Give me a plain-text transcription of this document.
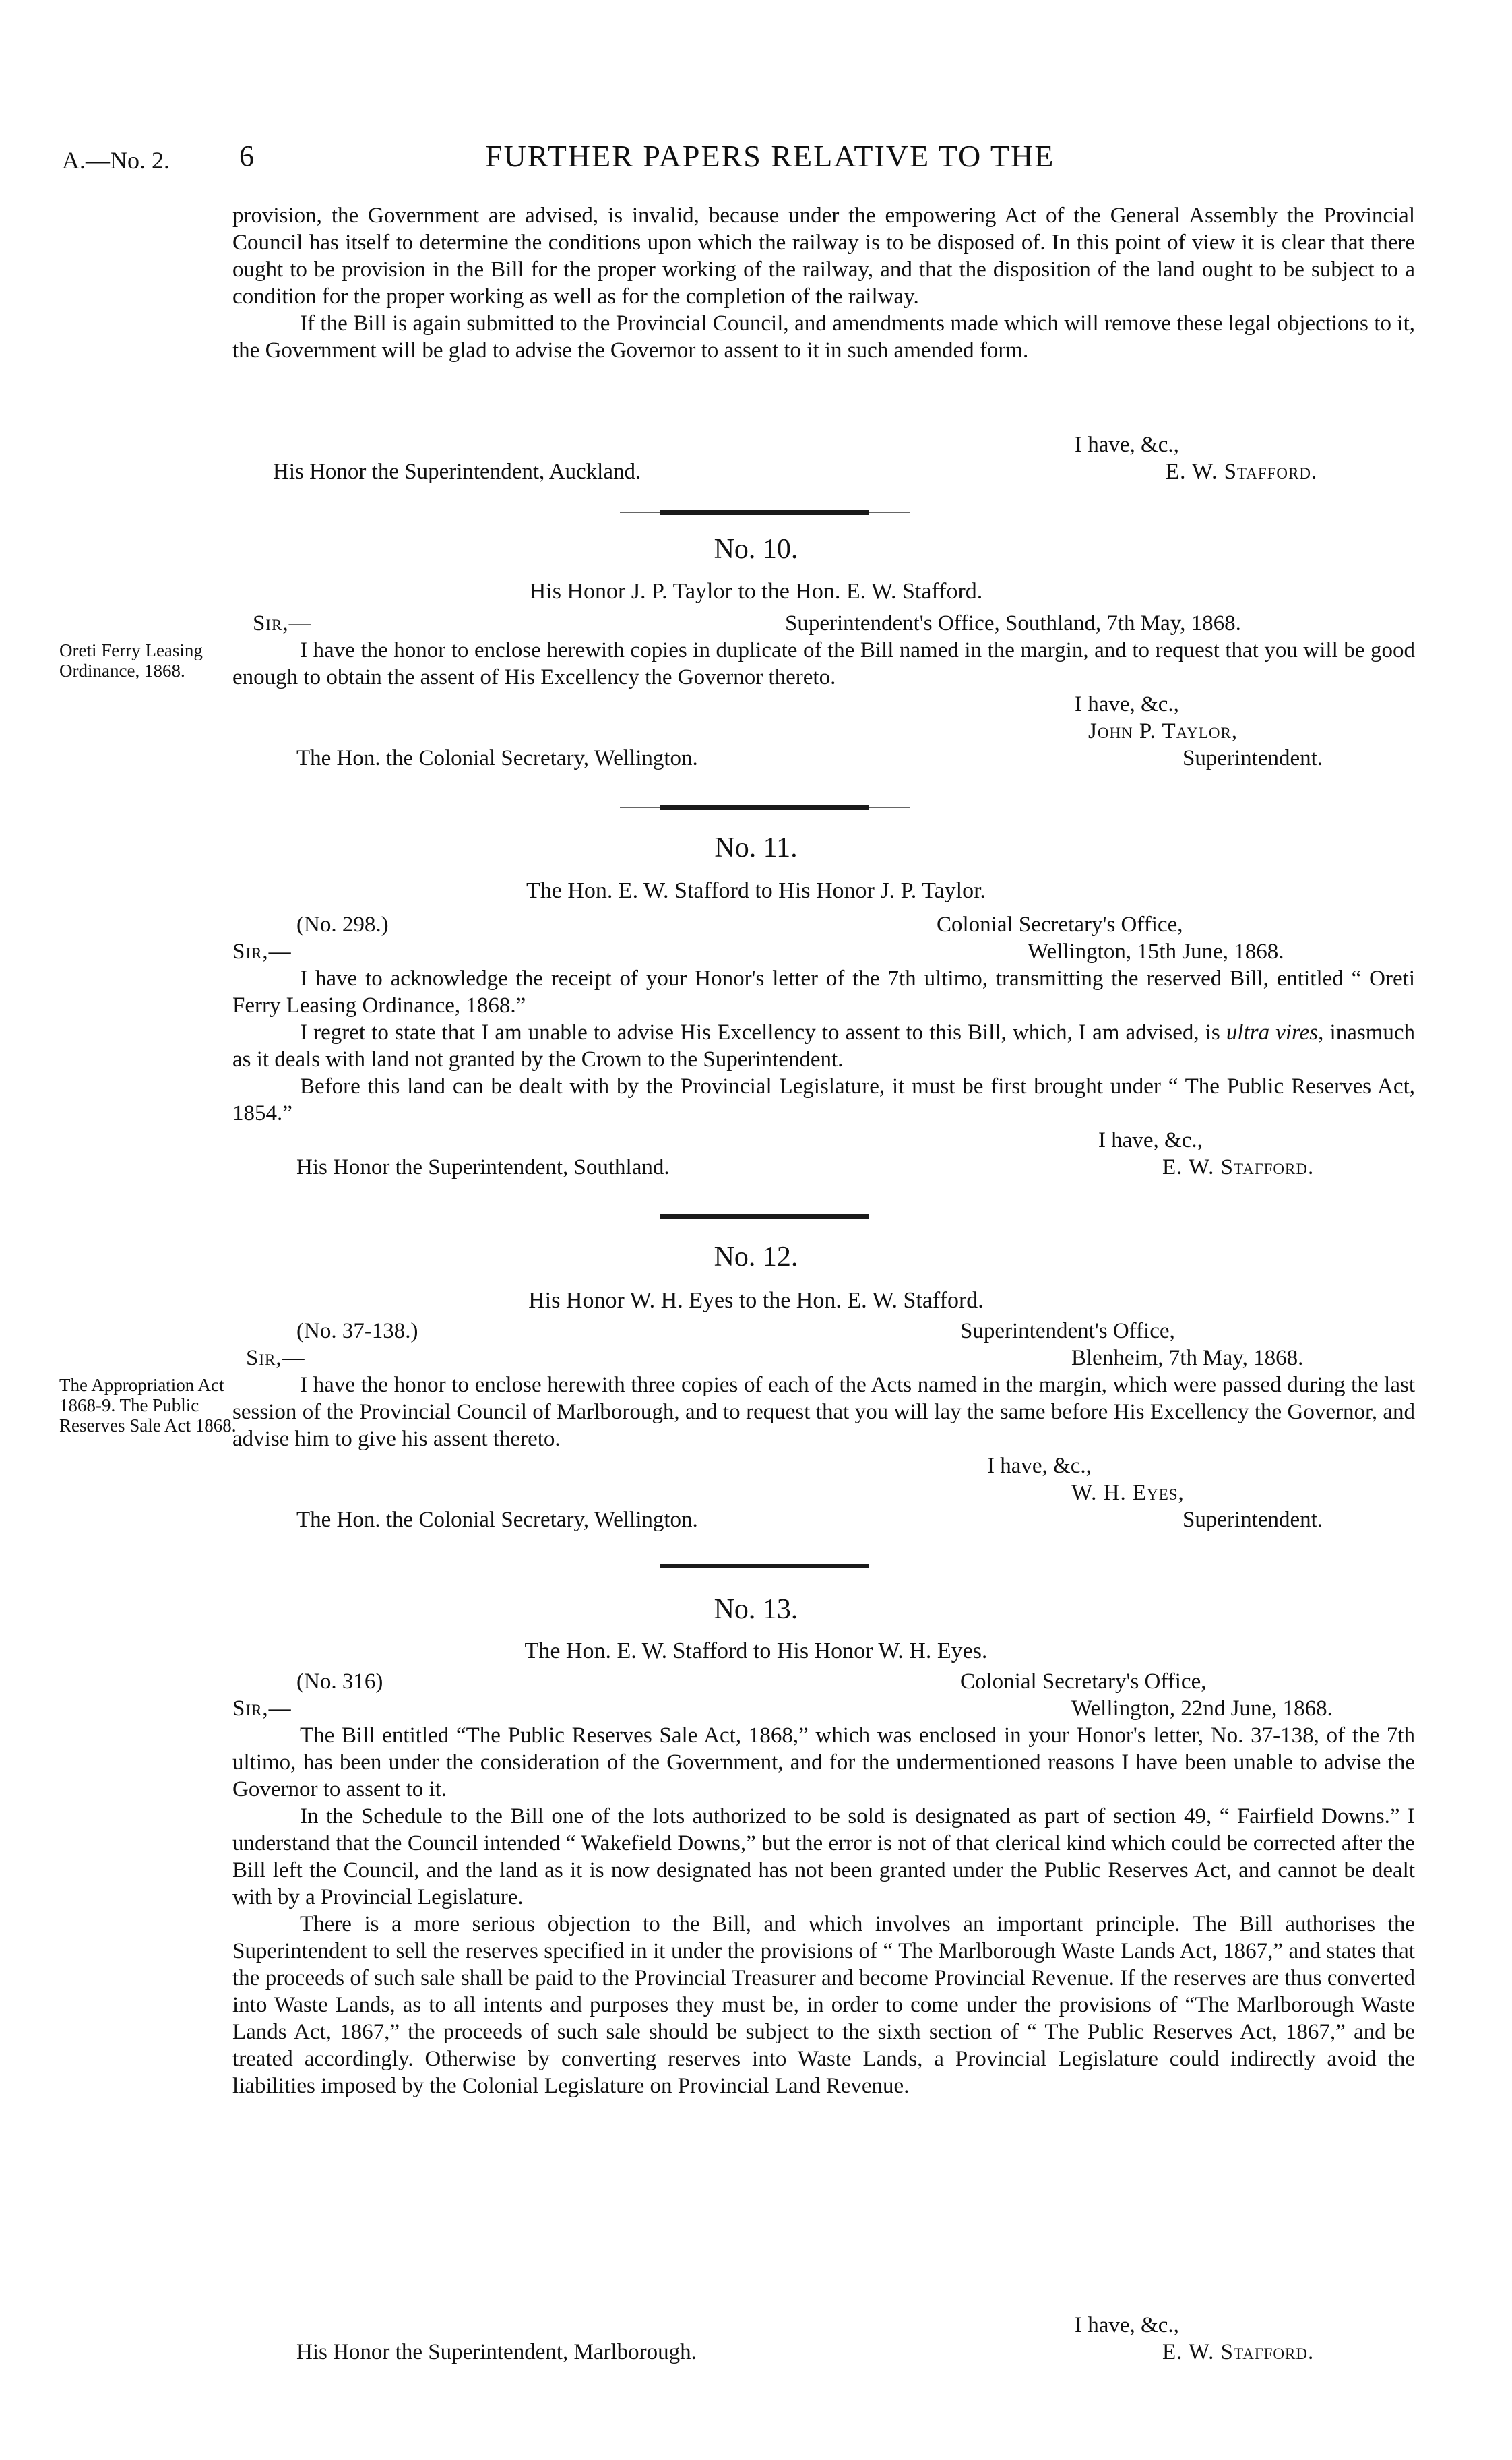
A.—No. 2. 6	FURTHER PAPERS RELATIVE TO THE

provision, the Government are advised, is invalid, because under the empowering Act of the General Assembly the Provincial Council has itself to determine the conditions upon which the railway is to be disposed of. In this point of view it is clear that there ought to be provision in the Bill for the proper working of the railway, and that the disposition of the land ought to be subject to a condition for the proper working as well as for the completion of the railway.

If the Bill is again submitted to the Provincial Council, and amendments made which will remove these legal objections to it, the Government will be glad to advise the Governor to assent to it in such amended form.

I have, &c.,
His Honor the Superintendent, Auckland.	E. W. Stafford.
No. 10.
His Honor J. P. Taylor to the Hon. E. W. Stafford.
Sir,—	Superintendent's Office, Southland, 7th May, 1868.
Oreti Ferry Leasing Ordinance, 1868.

I have the honor to enclose herewith copies in duplicate of the Bill named in the margin, and to request that you will be good enough to obtain the assent of His Excellency the Governor thereto.

I have, &c.,
John P. Taylor,
The Hon. the Colonial Secretary, Wellington.	Superintendent.
No. 11.
The Hon. E. W. Stafford to His Honor J. P. Taylor.
(No. 298.)	Colonial Secretary's Office,
Sir,—	Wellington, 15th June, 1868.

I have to acknowledge the receipt of your Honor's letter of the 7th ultimo, transmitting the reserved Bill, entitled “ Oreti Ferry Leasing Ordinance, 1868.”

I regret to state that I am unable to advise His Excellency to assent to this Bill, which, I am advised, is ultra vires, inasmuch as it deals with land not granted by the Crown to the Superintendent.

Before this land can be dealt with by the Provincial Legislature, it must be first brought under “ The Public Reserves Act, 1854.”

I have, &c.,
His Honor the Superintendent, Southland.	E. W. Stafford.
No. 12.
His Honor W. H. Eyes to the Hon. E. W. Stafford.
(No. 37-138.)	Superintendent's Office,
Sir,—	Blenheim, 7th May, 1868.
The Appropriation Act 1868-9. The Public Reserves Sale Act 1868.

I have the honor to enclose herewith three copies of each of the Acts named in the margin, which were passed during the last session of the Provincial Council of Marlborough, and to request that you will lay the same before His Excellency the Governor, and advise him to give his assent thereto.

I have, &c.,
W. H. Eyes,
The Hon. the Colonial Secretary, Wellington.	Superintendent.
No. 13.
The Hon. E. W. Stafford to His Honor W. H. Eyes.
(No. 316)	Colonial Secretary's Office,
Sir,—	Wellington, 22nd June, 1868.

The Bill entitled “The Public Reserves Sale Act, 1868,” which was enclosed in your Honor's letter, No. 37-138, of the 7th ultimo, has been under the consideration of the Government, and for the undermentioned reasons I have been unable to advise the Governor to assent to it.

In the Schedule to the Bill one of the lots authorized to be sold is designated as part of section 49, “ Fairfield Downs.” I understand that the Council intended “ Wakefield Downs,” but the error is not of that clerical kind which could be corrected after the Bill left the Council, and the land as it is now designated has not been granted under the Public Reserves Act, and cannot be dealt with by a Provincial Legislature.

There is a more serious objection to the Bill, and which involves an important principle. The Bill authorises the Superintendent to sell the reserves specified in it under the provisions of “ The Marlborough Waste Lands Act, 1867,” and states that the proceeds of such sale shall be paid to the Provincial Treasurer and become Provincial Revenue. If the reserves are thus converted into Waste Lands, as to all intents and purposes they must be, in order to come under the provisions of “The Marlborough Waste Lands Act, 1867,” the proceeds of such sale should be subject to the sixth section of “ The Public Reserves Act, 1867,” and be treated accordingly. Otherwise by converting reserves into Waste Lands, a Provincial Legislature could indirectly avoid the liabilities imposed by the Colonial Legislature on Provincial Land Revenue.

I have, &c.,
His Honor the Superintendent, Marlborough.	E. W. Stafford.
